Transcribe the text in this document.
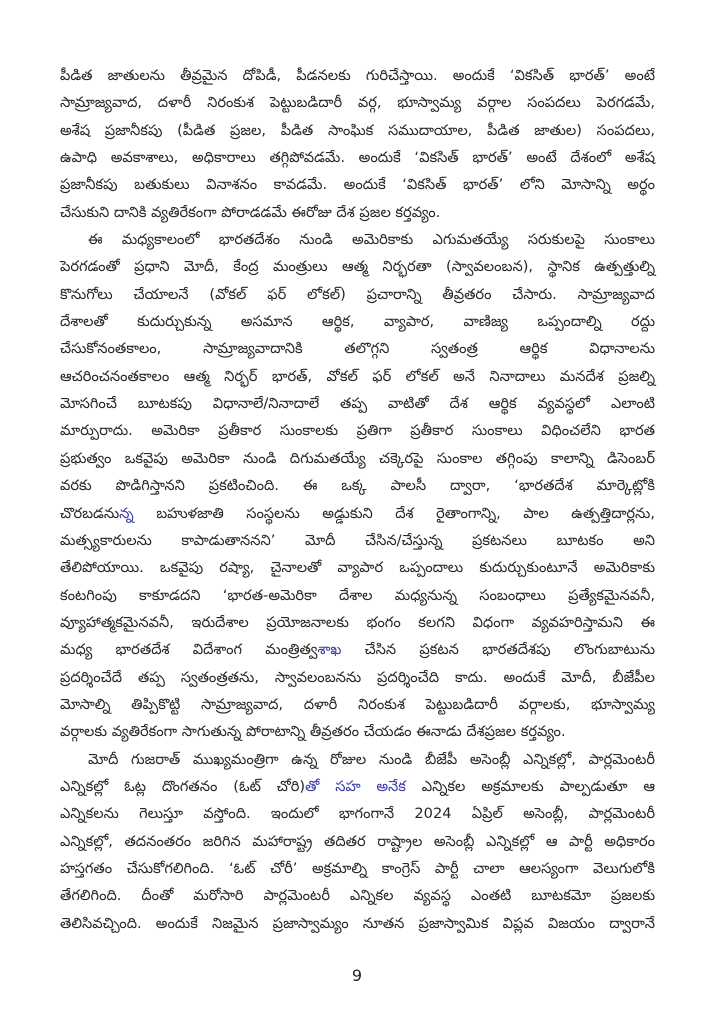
పీడిత జాతులను తీవ్రమైన దోపిడీ, పీడనలకు గురిచేస్తాయి. అందుకే ‘వికసిత్ భారత్’ అంటే
సామ్రాజ్యవాద, దళారీ నిరంకుశ పెట్టుబడిదారీ వర్గ, భూస్వామ్య వర్గాల సంపదలు పెరగడమే,
అశేష ప్రజానీకపు (పీడిత ప్రజల, పీడిత సాంఘిక సముదాయాల, పీడిత జాతుల) సంపదలు,
ఉపాధి అవకాశాలు, అధికారాలు తగ్గిపోవడమే. అందుకే ‘వికసిత్ భారత్’ అంటే దేశంలో అశేష
ప్రజానీకపు బతుకులు వినాశనం కావడమే. అందుకే ‘వికసిత్ భారత్’ లోని మోసాన్ని అర్థం
చేసుకుని దానికి వ్యతిరేకంగా పోరాడడమే ఈరోజు దేశ ప్రజల కర్తవ్యం.
ఈ మధ్యకాలంలో భారతదేశం నుండి అమెరికాకు ఎగుమతయ్యే సరుకులపై సుంకాలు
పెరగడంతో ప్రధాని మోదీ, కేంద్ర మంత్రులు ఆత్మ నిర్భరతా (స్వావలంబన), స్థానిక ఉత్పత్తుల్ని
కొనుగోలు చేయాలనే (వోకల్ ఫర్ లోకల్) ప్రచారాన్ని తీవ్రతరం చేసారు. సామ్రాజ్యవాద
దేశాలతో కుదుర్చుకున్న అసమాన ఆర్థిక, వ్యాపార, వాణిజ్య ఒప్పందాల్ని రద్దు
చేసుకోనంతకాలం, సామ్రాజ్యవాదానికి తలొగ్గని స్వతంత్ర ఆర్థిక విధానాలను
ఆచరించనంతకాలం ఆత్మ నిర్భర్ భారత్, వోకల్ ఫర్ లోకల్ అనే నినాదాలు మనదేశ ప్రజల్ని
మోసగించే బూటకపు విధానాలే/నినాదాలే తప్ప వాటితో దేశ ఆర్థిక వ్యవస్థలో ఎలాంటి
మార్పురాదు. అమెరికా ప్రతీకార సుంకాలకు ప్రతిగా ప్రతీకార సుంకాలు విధించలేని భారత
ప్రభుత్వం ఒకవైపు అమెరికా నుండి దిగుమతయ్యే చక్కెరపై సుంకాల తగ్గింపు కాలాన్ని డిసెంబర్
వరకు పొడిగిస్తానని ప్రకటించింది. ఈ ఒక్క పాలసీ ద్వారా, ‘భారతదేశ మార్కెట్లోకి
చొరబడనున్న బహుళజాతి సంస్థలను అడ్డుకుని దేశ రైతాంగాన్ని, పాల ఉత్పత్తిదార్లను,
మత్స్యకారులను కాపాడుతాననని’ మోదీ చేసిన/చేస్తున్న ప్రకటనలు బూటకం అని
తేలిపోయాయి. ఒకవైపు రష్యా, చైనాలతో వ్యాపార ఒప్పందాలు కుదుర్చుకుంటూనే అమెరికాకు
కంటగింపు కాకూడదని ‘భారత-అమెరికా దేశాల మధ్యనున్న సంబంధాలు ప్రత్యేకమైనవనీ,
వ్యూహాత్మకమైనవనీ, ఇరుదేశాల ప్రయోజనాలకు భంగం కలగని విధంగా వ్యవహరిస్తామని ఈ
మధ్య భారతదేశ విదేశాంగ మంత్రిత్వశాఖ చేసిన ప్రకటన భారతదేశపు లొంగుబాటును
ప్రదర్శించేదే తప్ప స్వతంత్రతను, స్వావలంబనను ప్రదర్శించేది కాదు. అందుకే మోదీ, బీజేపీల
మోసాల్ని తిప్పికొట్టి సామ్రాజ్యవాద, దళారీ నిరంకుశ పెట్టుబడిదారీ వర్గాలకు, భూస్వామ్య
వర్గాలకు వ్యతిరేకంగా సాగుతున్న పోరాటాన్ని తీవ్రతరం చేయడం ఈనాడు దేశప్రజల కర్తవ్యం.
మోదీ గుజరాత్ ముఖ్యమంత్రిగా ఉన్న రోజుల నుండి బీజేపీ అసెంబ్లీ ఎన్నికల్లో, పార్లమెంటరీ
ఎన్నికల్లో ఓట్ల దొంగతనం (ఓట్ చోరి)తో సహ అనేక ఎన్నికల అక్రమాలకు పాల్పడుతూ ఆ
ఎన్నికలను గెలుస్తూ వస్తోంది. ఇందులో భాగంగానే 2024 ఏప్రిల్ అసెంబ్లీ, పార్లమెంటరీ
ఎన్నికల్లో, తదనంతరం జరిగిన మహారాష్ట్ర తదితర రాష్ట్రాల అసెంబ్లీ ఎన్నికల్లో ఆ పార్టీ అధికారం
హస్తగతం చేసుకోగలిగింది. ‘ఓట్ చోరీ’ అక్రమాల్ని కాంగ్రెస్ పార్టీ చాలా ఆలస్యంగా వెలుగులోకి
తేగలిగింది. దీంతో మరోసారి పార్లమెంటరీ ఎన్నికల వ్యవస్థ ఎంతటి బూటకమో ప్రజలకు
తెలిసివచ్చింది. అందుకే నిజమైన ప్రజాస్వామ్యం నూతన ప్రజాస్వామిక విప్లవ విజయం ద్వారానే
9
